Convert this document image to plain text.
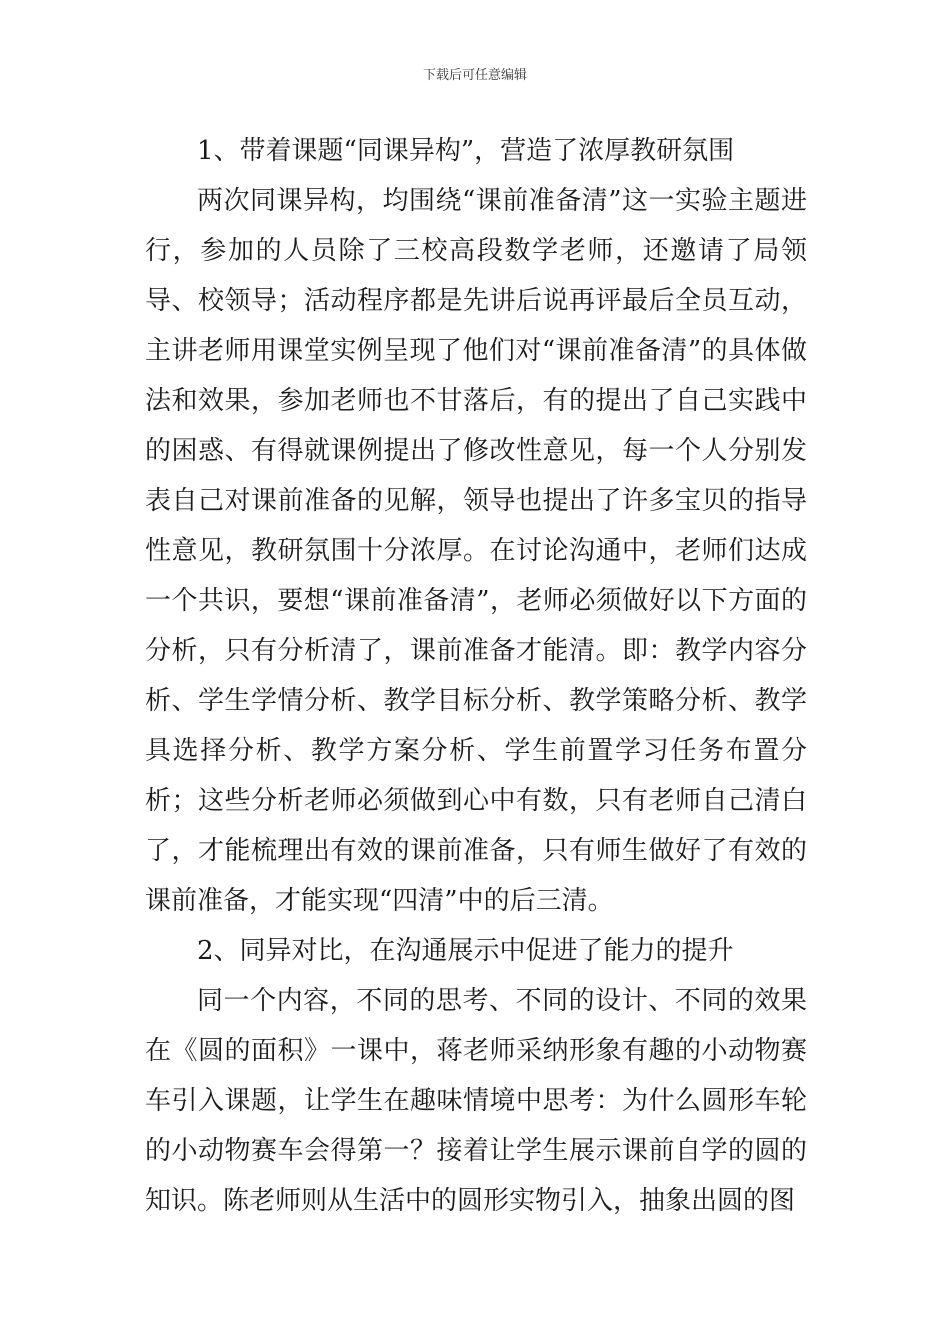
下载后可任意编辑

1、带着课题“同课异构”，营造了浓厚教研氛围

两次同课异构，均围绕“课前准备清”这一实验主题进行，参加的人员除了三校高段数学老师，还邀请了局领导、校领导；活动程序都是先讲后说再评最后全员互动，主讲老师用课堂实例呈现了他们对“课前准备清”的具体做法和效果，参加老师也不甘落后，有的提出了自己实践中的困惑、有得就课例提出了修改性意见，每一个人分别发表自己对课前准备的见解，领导也提出了许多宝贝的指导性意见，教研氛围十分浓厚。在讨论沟通中，老师们达成一个共识，要想“课前准备清”，老师必须做好以下方面的分析，只有分析清了，课前准备才能清。即：教学内容分析、学生学情分析、教学目标分析、教学策略分析、教学具选择分析、教学方案分析、学生前置学习任务布置分析；这些分析老师必须做到心中有数，只有老师自己清白了，才能梳理出有效的课前准备，只有师生做好了有效的课前准备，才能实现“四清”中的后三清。

2、同异对比，在沟通展示中促进了能力的提升

同一个内容，不同的思考、不同的设计、不同的效果在《圆的面积》一课中，蒋老师采纳形象有趣的小动物赛车引入课题，让学生在趣味情境中思考：为什么圆形车轮的小动物赛车会得第一？接着让学生展示课前自学的圆的知识。陈老师则从生活中的圆形实物引入，抽象出圆的图
